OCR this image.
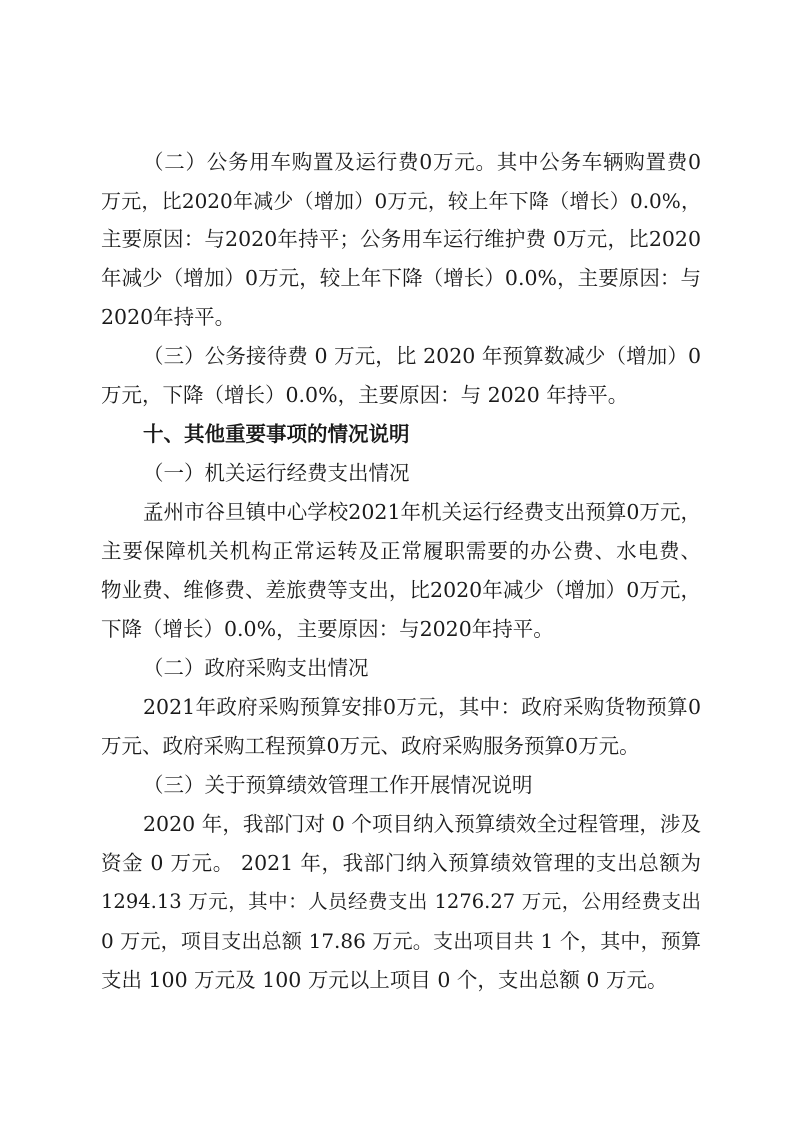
（二）公务用车购置及运行费0万元。其中公务车辆购置费0
万元，比2020年减少（增加）0万元，较上年下降（增长）0.0%，
主要原因：与2020年持平；公务用车运行维护费 0万元，比2020
年减少（增加）0万元，较上年下降（增长）0.0%，主要原因：与
2020年持平。
（三）公务接待费 0 万元，比 2020 年预算数减少（增加）0
万元，下降（增长）0.0%，主要原因：与 2020 年持平。
十、其他重要事项的情况说明
（一）机关运行经费支出情况
孟州市谷旦镇中心学校2021年机关运行经费支出预算0万元，
主要保障机关机构正常运转及正常履职需要的办公费、水电费、
物业费、维修费、差旅费等支出，比2020年减少（增加）0万元，
下降（增长）0.0%，主要原因：与2020年持平。
（二）政府采购支出情况
2021年政府采购预算安排0万元，其中：政府采购货物预算0
万元、政府采购工程预算0万元、政府采购服务预算0万元。
（三）关于预算绩效管理工作开展情况说明
2020 年，我部门对 0 个项目纳入预算绩效全过程管理，涉及
资金 0 万元。 2021 年，我部门纳入预算绩效管理的支出总额为
1294.13 万元，其中：人员经费支出 1276.27 万元，公用经费支出
0 万元，项目支出总额 17.86 万元。支出项目共 1 个，其中，预算
支出 100 万元及 100 万元以上项目 0 个，支出总额 0 万元。
